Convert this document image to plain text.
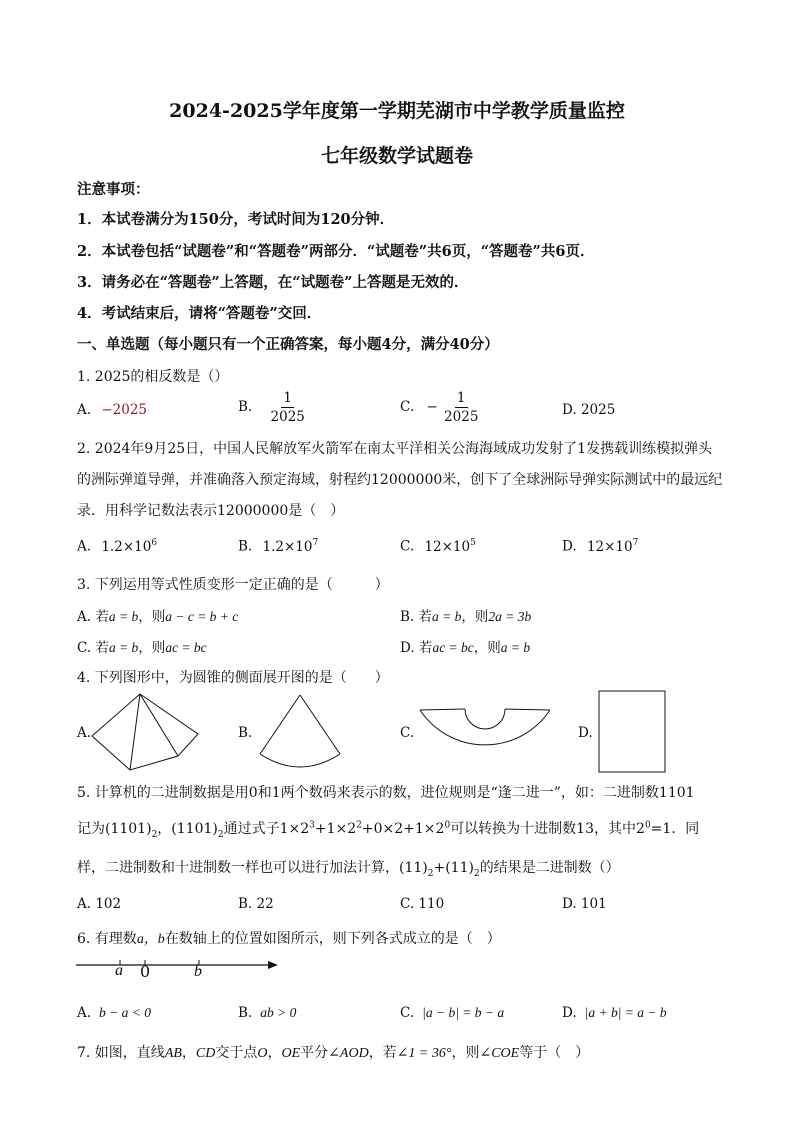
2024-2025学年度第一学期芜湖市中学教学质量监控
七年级数学试题卷
注意事项：
1．本试卷满分为150分，考试时间为120分钟．
2．本试卷包括“试题卷”和“答题卷”两部分．“试题卷”共6页，“答题卷”共6页．
3．请务必在“答题卷”上答题，在“试题卷”上答题是无效的．
4．考试结束后，请将“答题卷”交回．
一、单选题（每小题只有一个正确答案，每小题4分，满分40分）
1. 2025的相反数是（）
A. −2025	B. $\frac{1}{2025}$	C. − $\frac{1}{2025}$	D. 2025
2. 2024年9月25日，中国人民解放军火箭军在南太平洋相关公海海域成功发射了1发携载训练模拟弹头
的洲际弹道导弹，并准确落入预定海域，射程约12000000米，创下了全球洲际导弹实际测试中的最远纪
录．用科学记数法表示12000000是（　）
A. $1.2\times 10^6$	B. $1.2\times 10^7$	C. $12\times 10^5$	D. $12\times 10^7$
3. 下列运用等式性质变形一定正确的是（　　　）
A. 若a = b，则a − c = b + c	B. 若a = b，则2a = 3b
C. 若a = b，则ac = bc	D. 若ac = bc，则a = b
4. 下列图形中，为圆锥的侧面展开图的是（　　）
A.	B.	C.	D.
5. 计算机的二进制数据是用0和1两个数码来表示的数，进位规则是“逢二进一”，如：二进制数1101
记为$(1101)_2$，$(1101)_2$通过式子$1\times 2^3+1\times 2^2+0\times 2+1\times 2^0$可以转换为十进制数13，其中$2^0=1$．同
样，二进制数和十进制数一样也可以进行加法计算，$(11)_2+(11)_2$的结果是二进制数（）
A. 102	B. 22	C. 110	D. 101
6. 有理数a，b在数轴上的位置如图所示，则下列各式成立的是（　）
a 0	b
A. b − a < 0	B. ab > 0	C. |a − b| = b − a	D. |a + b| = a − b
7. 如图，直线AB，CD交于点O，OE平分∠AOD，若∠1 = 36°，则∠COE等于（　）
